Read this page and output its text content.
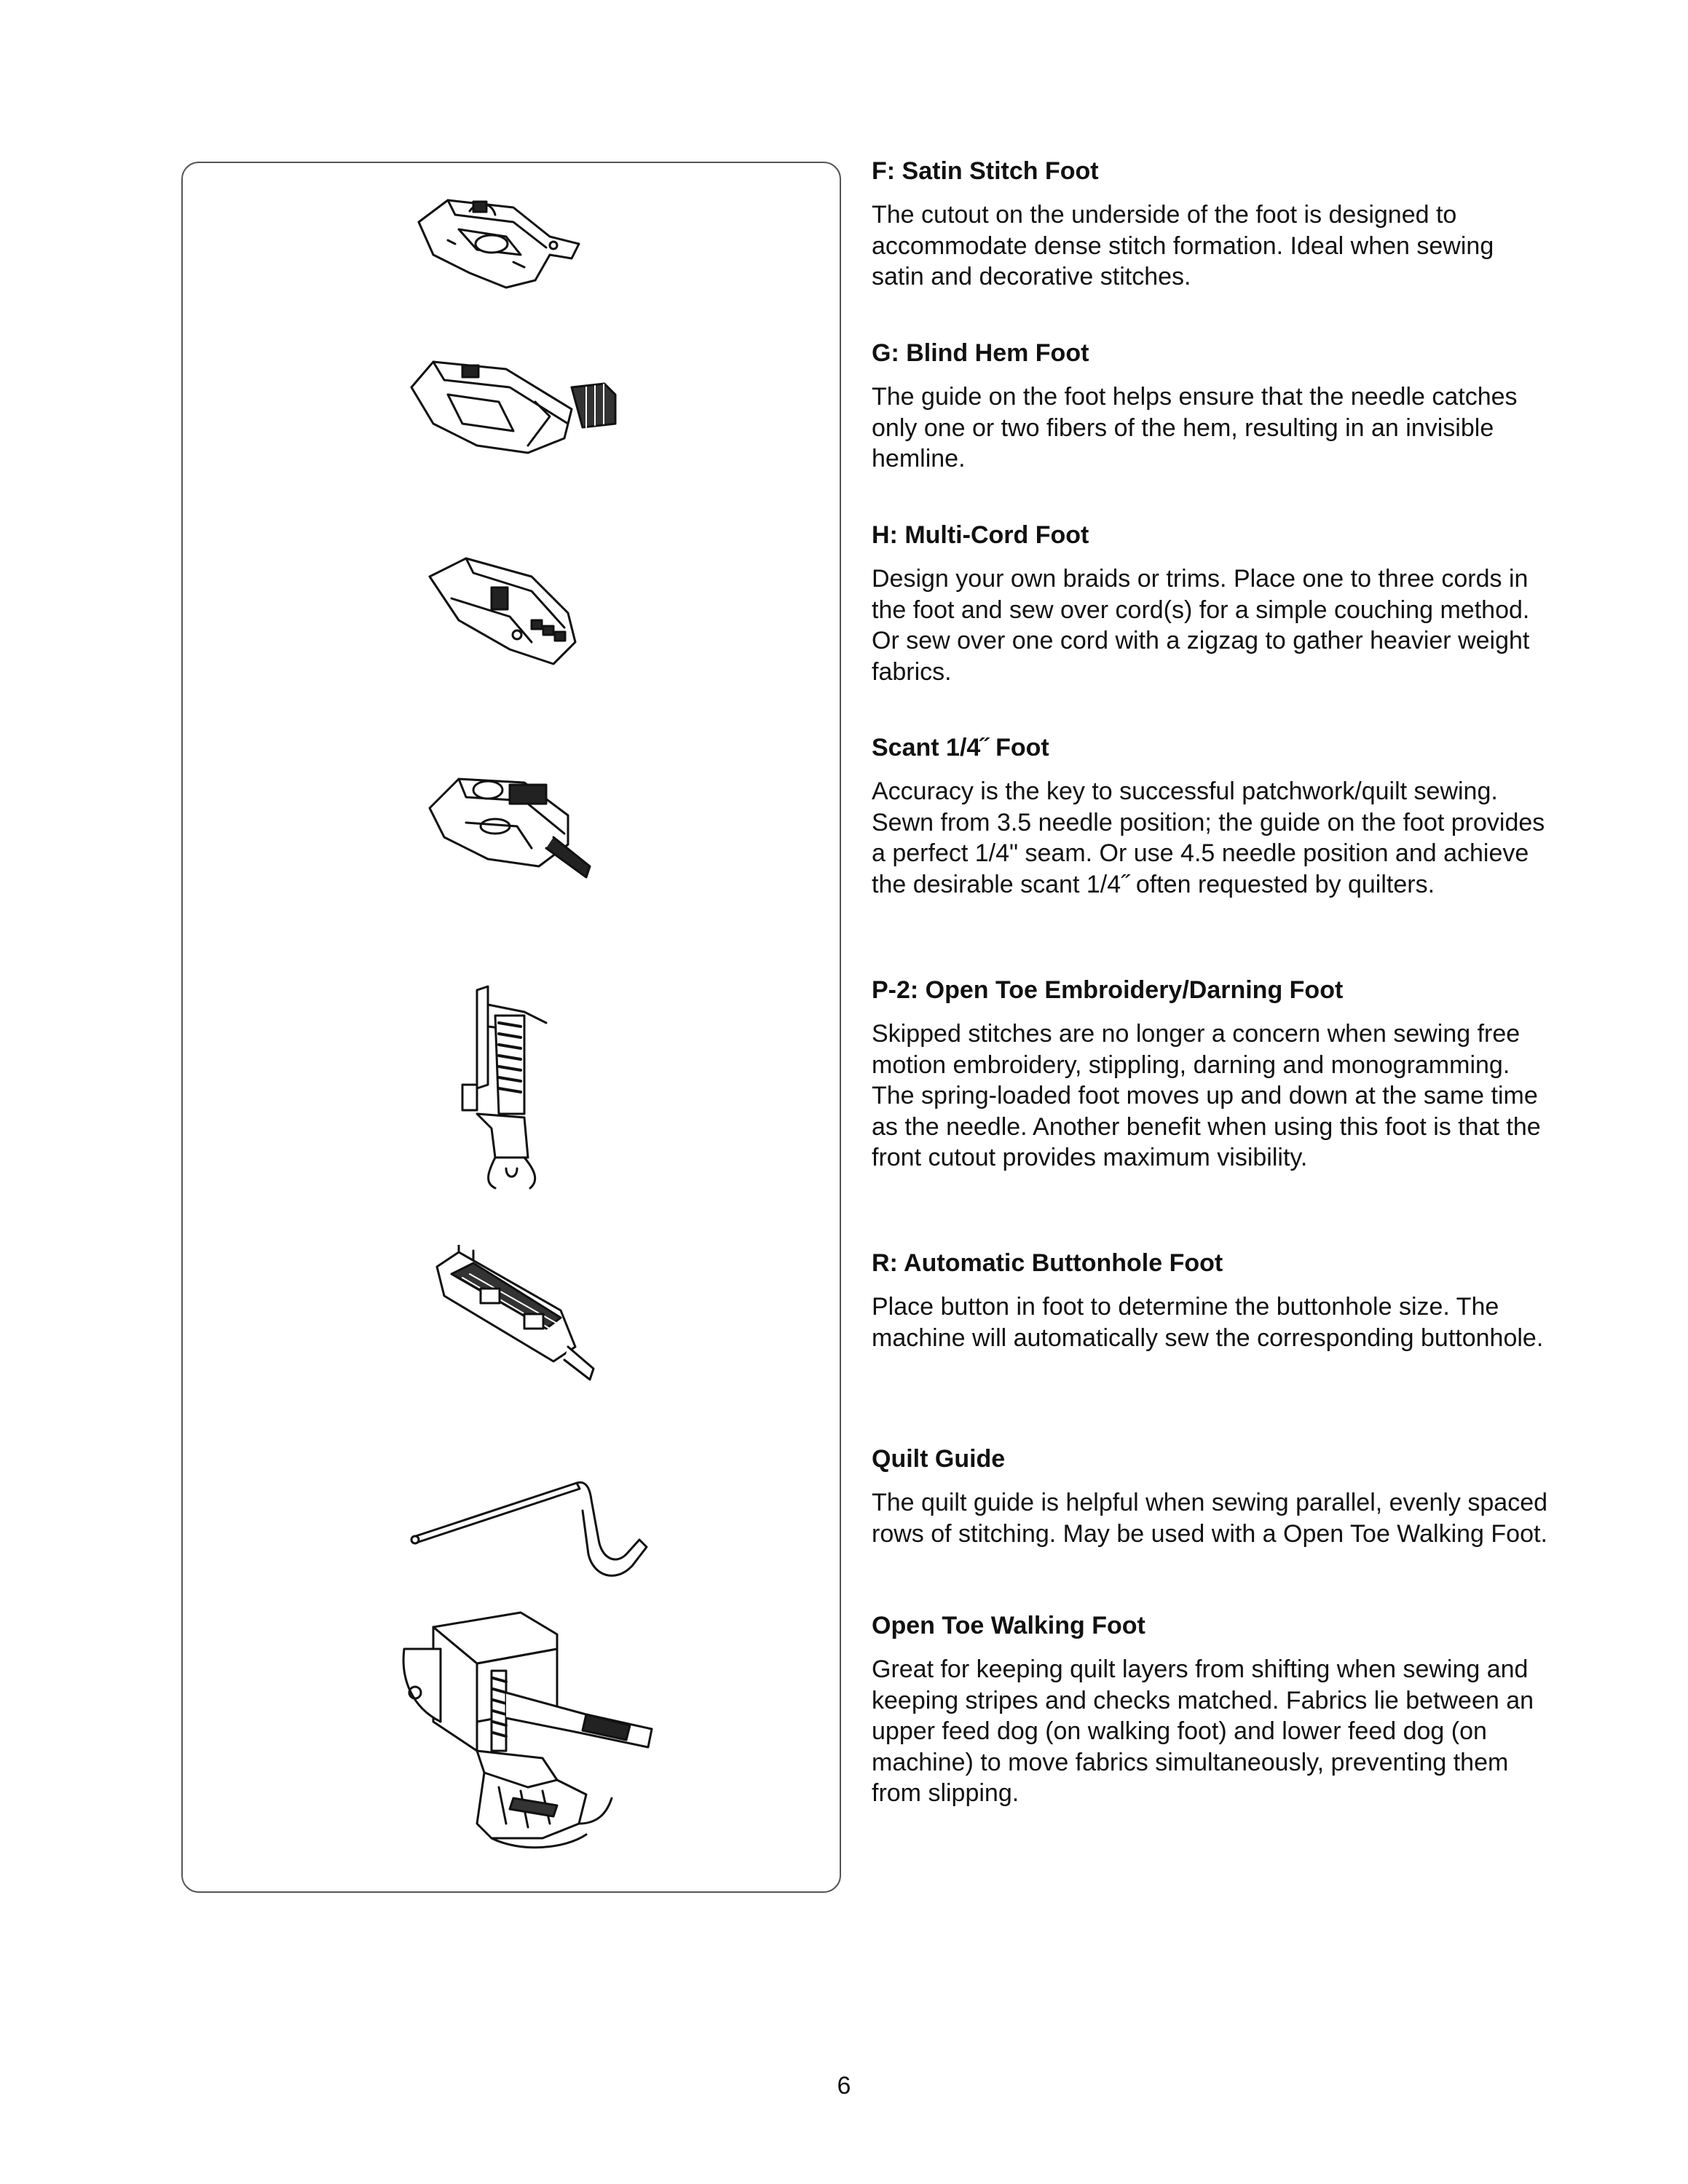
F: Satin Stitch Foot

The cutout on the underside of the foot is designed to accommodate dense stitch formation. Ideal when sewing satin and decorative stitches.

G: Blind Hem Foot

The guide on the foot helps ensure that the needle catches only one or two fibers of the hem, resulting in an invisible hemline.

H: Multi-Cord Foot

Design your own braids or trims. Place one to three cords in the foot and sew over cord(s) for a simple couching method. Or sew over one cord with a zigzag to gather heavier weight fabrics.

Scant 1/4˝ Foot

Accuracy is the key to successful patchwork/quilt sewing. Sewn from 3.5 needle position; the guide on the foot provides a perfect 1/4" seam. Or use 4.5 needle position and achieve the desirable scant 1/4˝ often requested by quilters.

P-2: Open Toe Embroidery/Darning Foot

Skipped stitches are no longer a concern when sewing free motion embroidery, stippling, darning and monogramming. The spring-loaded foot moves up and down at the same time as the needle. Another benefit when using this foot is that the front cutout provides maximum visibility.

R: Automatic Buttonhole Foot

Place button in foot to determine the buttonhole size. The machine will automatically sew the corresponding buttonhole.

Quilt Guide

The quilt guide is helpful when sewing parallel, evenly spaced rows of stitching. May be used with a Open Toe Walking Foot.

Open Toe Walking Foot

Great for keeping quilt layers from shifting when sewing and keeping stripes and checks matched. Fabrics lie between an upper feed dog (on walking foot) and lower feed dog (on machine) to move fabrics simultaneously, preventing them from slipping.

6
